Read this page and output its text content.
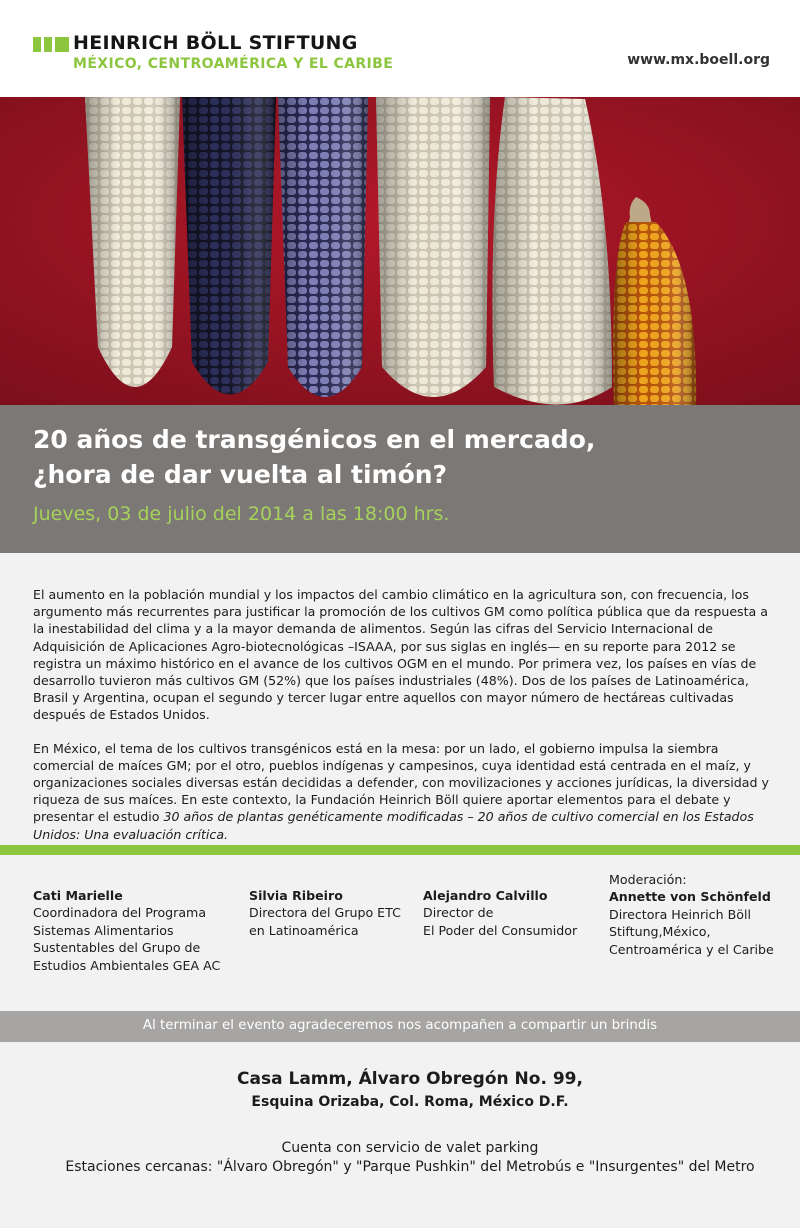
HEINRICH BÖLL STIFTUNG
MÉXICO, CENTROAMÉRICA Y EL CARIBE	www.mx.boell.org
20 años de transgénicos en el mercado,
¿hora de dar vuelta al timón?
Jueves, 03 de julio del 2014 a las 18:00 hrs.

El aumento en la población mundial y los impactos del cambio climático en la agricultura son, con frecuencia, los argumento más recurrentes para justificar la promoción de los cultivos GM como política pública que da respuesta a la inestabilidad del clima y a la mayor demanda de alimentos. Según las cifras del Servicio Internacional de Adquisición de Aplicaciones Agro-biotecnológicas –ISAAA, por sus siglas en inglés— en su reporte para 2012 se registra un máximo histórico en el avance de los cultivos OGM en el mundo. Por primera vez, los países en vías de desarrollo tuvieron más cultivos GM (52%) que los países industriales (48%). Dos de los países de Latinoamérica, Brasil y Argentina, ocupan el segundo y tercer lugar entre aquellos con mayor número de hectáreas cultivadas después de Estados Unidos.

En México, el tema de los cultivos transgénicos está en la mesa: por un lado, el gobierno impulsa la siembra comercial de maíces GM; por el otro, pueblos indígenas y campesinos, cuya identidad está centrada en el maíz, y organizaciones sociales diversas están decididas a defender, con movilizaciones y acciones jurídicas, la diversidad y riqueza de sus maíces. En este contexto, la Fundación Heinrich Böll quiere aportar elementos para el debate y presentar el estudio 30 años de plantas genéticamente modificadas – 20 años de cultivo comercial en los Estados Unidos: Una evaluación crítica.

Cati Marielle
Coordinadora del Programa
Sistemas Alimentarios
Sustentables del Grupo de
Estudios Ambientales GEA AC
Silvia Ribeiro
Directora del Grupo ETC
en Latinoamérica
Alejandro Calvillo
Director de
El Poder del Consumidor
Moderación:
Annette von Schönfeld
Directora Heinrich Böll
Stiftung,México,
Centroamérica y el Caribe
Al terminar el evento agradeceremos nos acompañen a compartir un brindis
Casa Lamm, Álvaro Obregón No. 99,
Esquina Orizaba, Col. Roma, México D.F.
Cuenta con servicio de valet parking
Estaciones cercanas: "Álvaro Obregón" y "Parque Pushkin" del Metrobús e "Insurgentes" del Metro
